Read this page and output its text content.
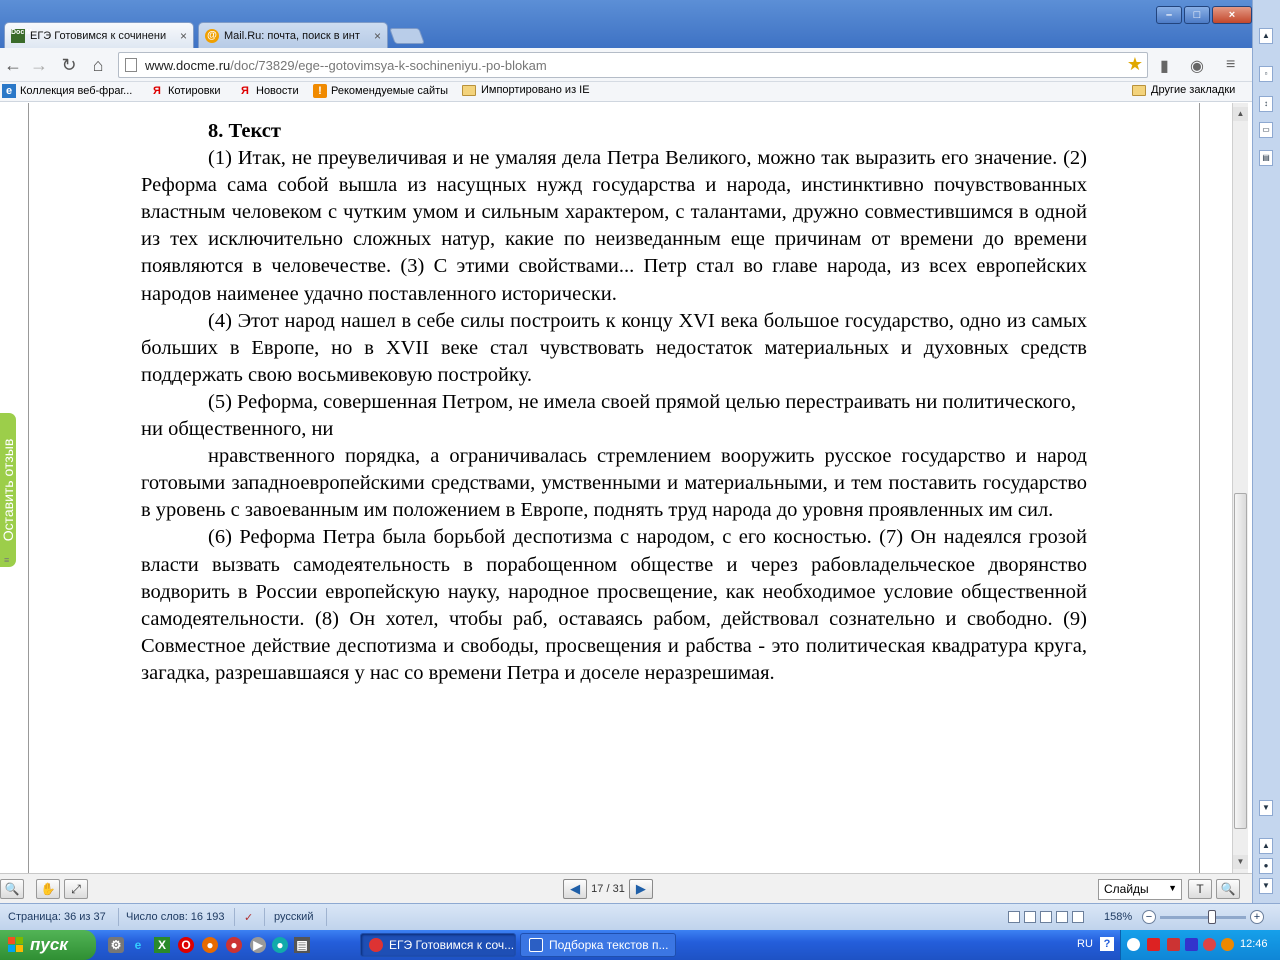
Doc Me
ЕГЭ Готовимся к сочинени	× @ Mail.Ru: почта, поиск в инт	×
–	□	×
← → ↻ ⌂	www.docme.ru /doc/73829/ege--gotovimsya-k-sochineniyu.-po-blokam	★ ▮ ◉ ≡
e Коллекция веб-фраг... Я Котировки Я Новости	! Рекомендуемые сайты	Импортировано из IE	Другие закладки
8. Текст

(1) Итак, не преувеличивая и не умаляя дела Петра Великого, можно так выразить его значение. (2) Реформа сама собой вышла из насущных нужд государства и народа, инстинктивно почувствованных властным человеком с чутким умом и сильным характером, с талантами, дружно совместившимся в одной из тех исключительно сложных натур, какие по неизведанным еще причинам от времени до времени появляются в человечестве. (3) С этими свойствами... Петр стал во главе народа, из всех европейских народов наименее удачно поставленного исторически.

(4) Этот народ нашел в себе силы построить к концу XVI века большое государство, одно из самых больших в Европе, но в XVII веке стал чувствовать недостаток материальных и духовных средств поддержать свою восьмивековую постройку.

(5) Реформа, совершенная Петром, не имела своей прямой целью перестраивать ни политического, ни общественного, ни

нравственного порядка, а ограничивалась стремлением вооружить русское государство и народ готовыми западноевропейскими средствами, умственными и материальными, и тем поставить государство в уровень с завоеванным им положением в Европе, поднять труд народа до уровня проявленных им сил.

(6) Реформа Петра была борьбой деспотизма с народом, с его косностью. (7) Он надеялся грозой власти вызвать самодеятельность в порабощенном обществе и через рабовладельческое дворянство водворить в России европейскую науку, народное просвещение, как необходимое условие общественной самодеятельности. (8) Он хотел, чтобы раб, оставаясь рабом, действовал сознательно и свободно. (9) Совместное действие деспотизма и свободы, просвещения и рабства - это политическая квадратура круга, загадка, разрешавшаяся у нас со времени Петра и доселе неразрешимая.

Оставить отзыв
▲
▼
≡
▲
▫
↕
▭
▤
▼
▲
●
▼
🔍	✋	⤢	◀	17 / 31 ▶	Слайды ▼	T	🔍
Страница: 36 из 37 Число слов: 16 193 ✓ русский	158%	−	+
пуск	⚙	e	X	O	●	●	▶	●	▤	ЕГЭ Готовимся к соч...	Подборка текстов п...	RU ?	12:46
